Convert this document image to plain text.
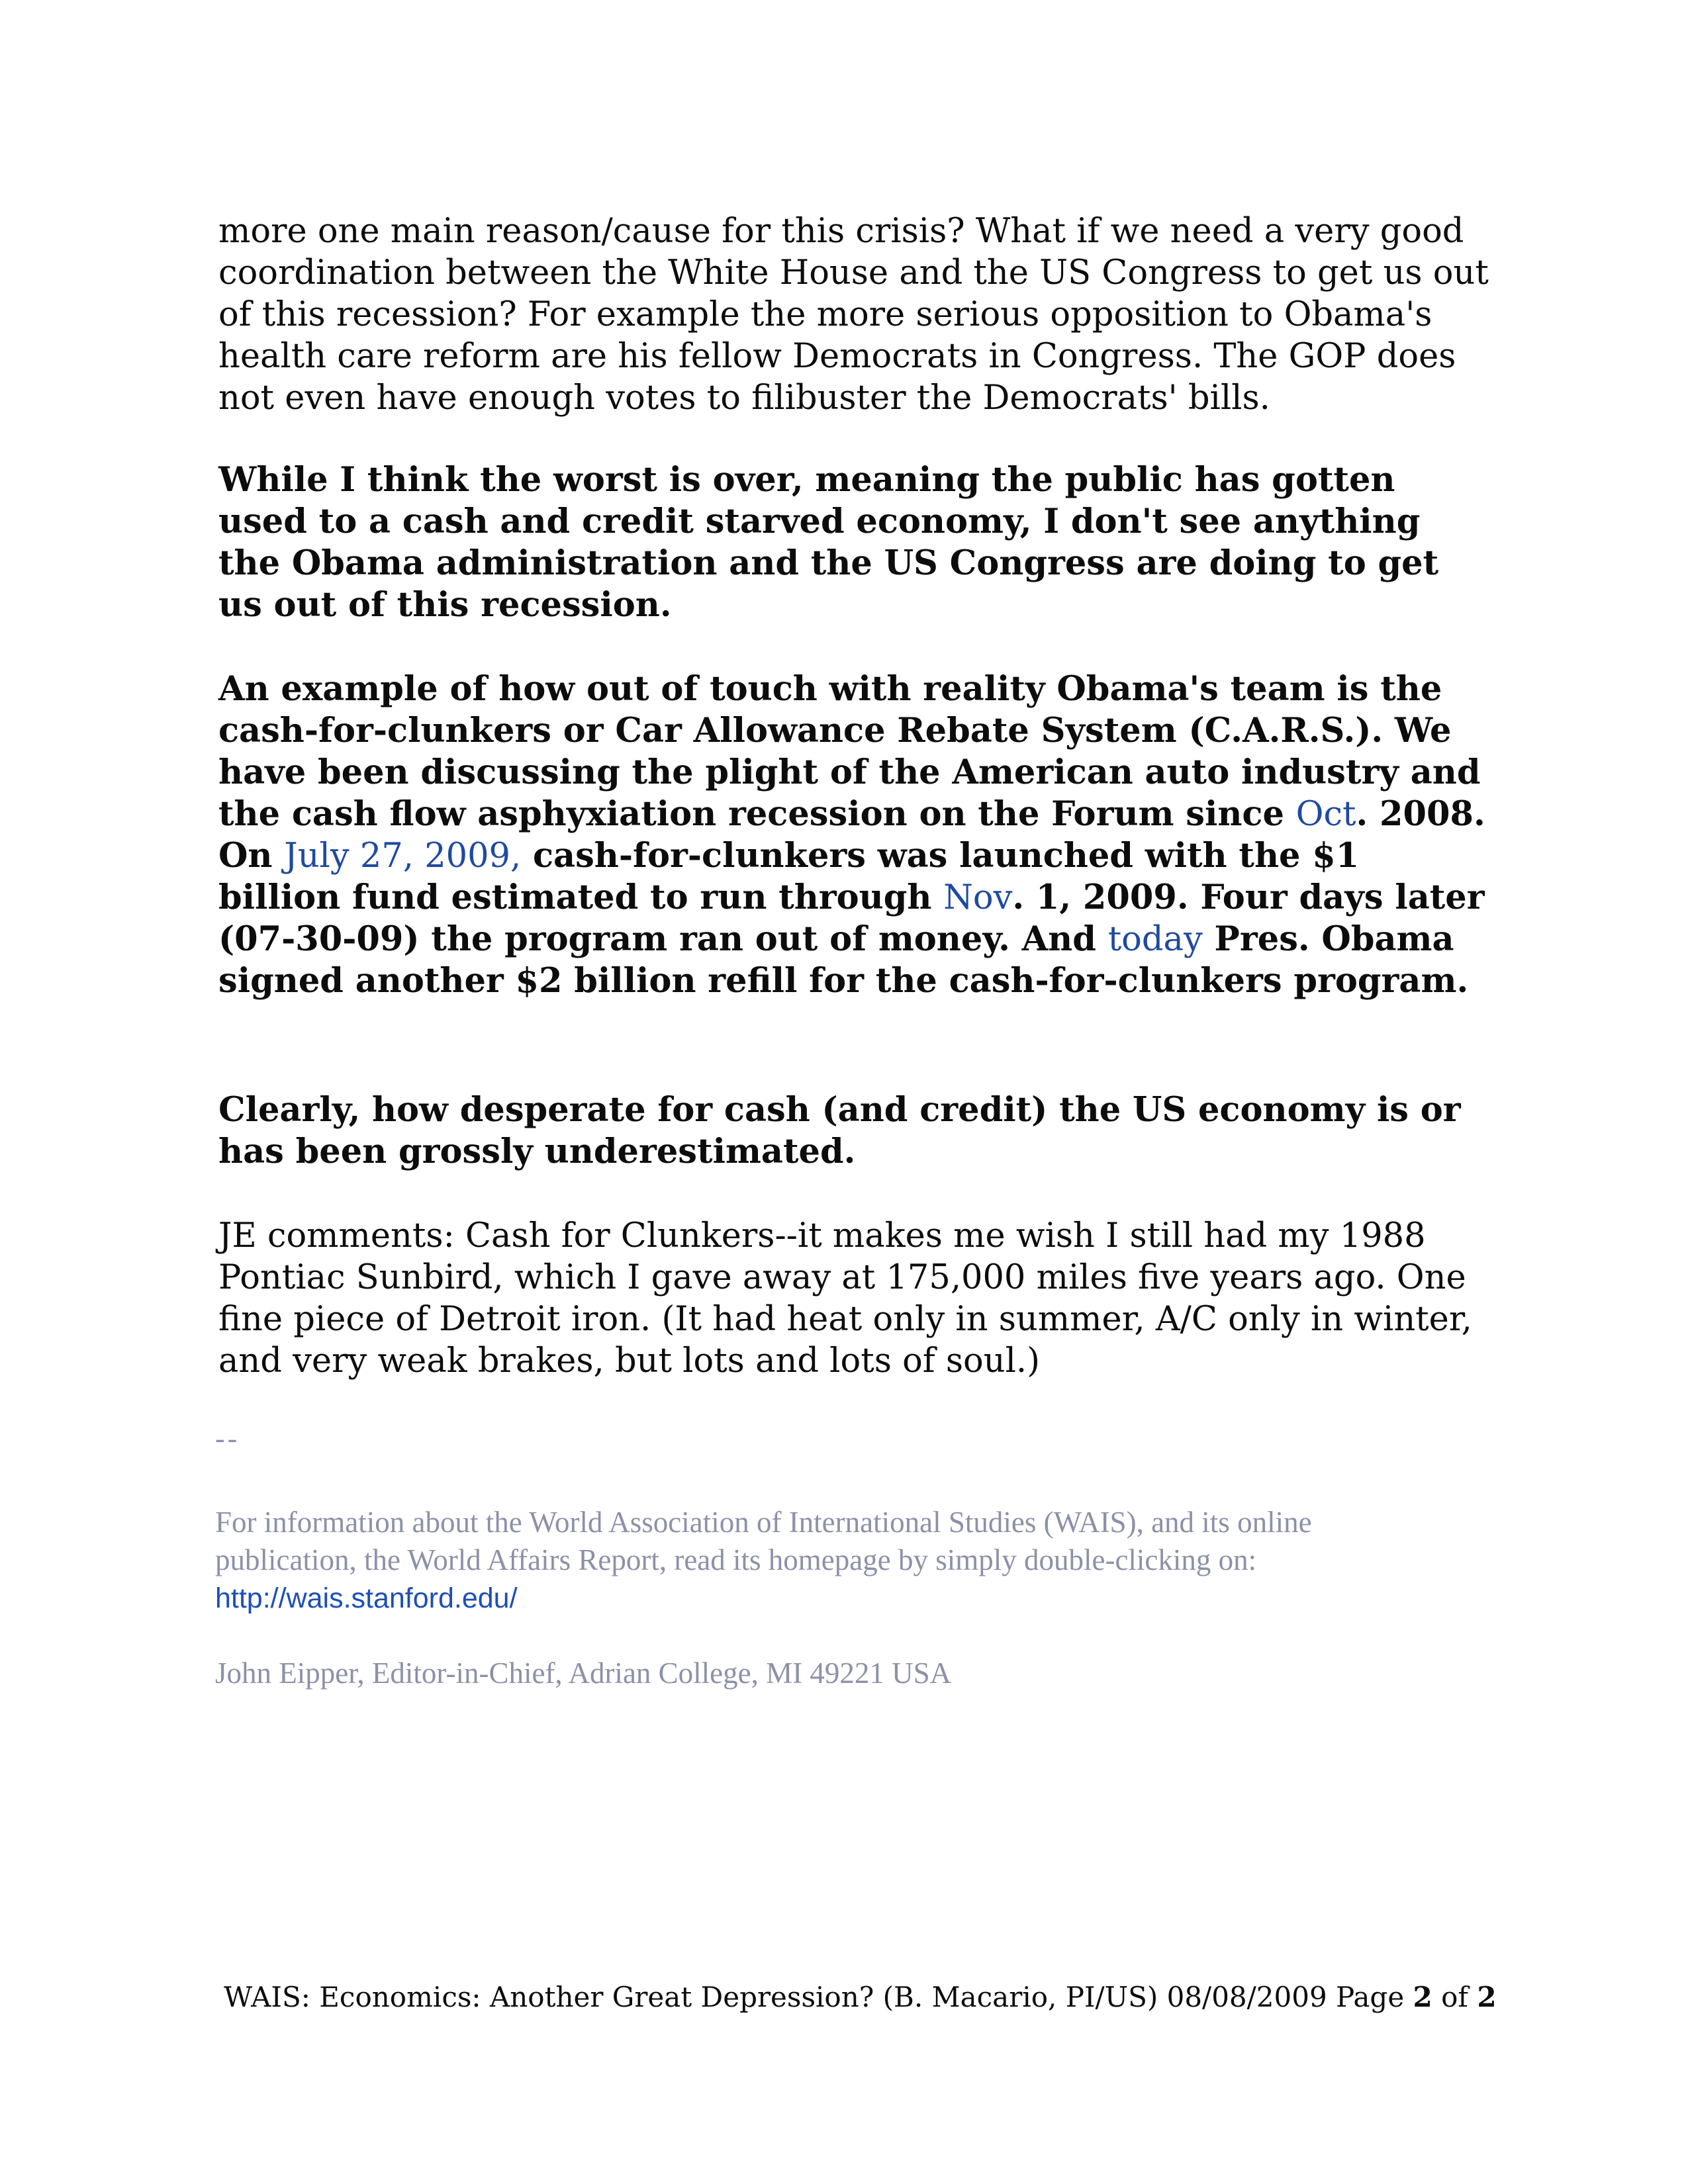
more one main reason/cause for this crisis? What if we need a very good coordination between the White House and the US Congress to get us out of this recession? For example the more serious opposition to Obama's health care reform are his fellow Democrats in Congress. The GOP does not even have enough votes to filibuster the Democrats' bills.

While I think the worst is over, meaning the public has gotten used to a cash and credit starved economy, I don't see anything the Obama administration and the US Congress are doing to get us out of this recession.

An example of how out of touch with reality Obama's team is the cash-for-clunkers or Car Allowance Rebate System (C.A.R.S.). We have been discussing the plight of the American auto industry and the cash flow asphyxiation recession on the Forum since Oct. 2008. On July 27, 2009, cash-for-clunkers was launched with the $1 billion fund estimated to run through Nov. 1, 2009. Four days later (07-30-09) the program ran out of money. And today Pres. Obama signed another $2 billion refill for the cash-for-clunkers program.

Clearly, how desperate for cash (and credit) the US economy is or has been grossly underestimated.

JE comments: Cash for Clunkers--it makes me wish I still had my 1988 Pontiac Sunbird, which I gave away at 175,000 miles five years ago. One fine piece of Detroit iron. (It had heat only in summer, A/C only in winter, and very weak brakes, but lots and lots of soul.)

--

For information about the World Association of International Studies (WAIS), and its online publication, the World Affairs Report, read its homepage by simply double-clicking on: http://wais.stanford.edu/

John Eipper, Editor-in-Chief, Adrian College, MI 49221 USA

WAIS: Economics: Another Great Depression? (B. Macario, PI/US) 08/08/2009 Page 2 of 2
